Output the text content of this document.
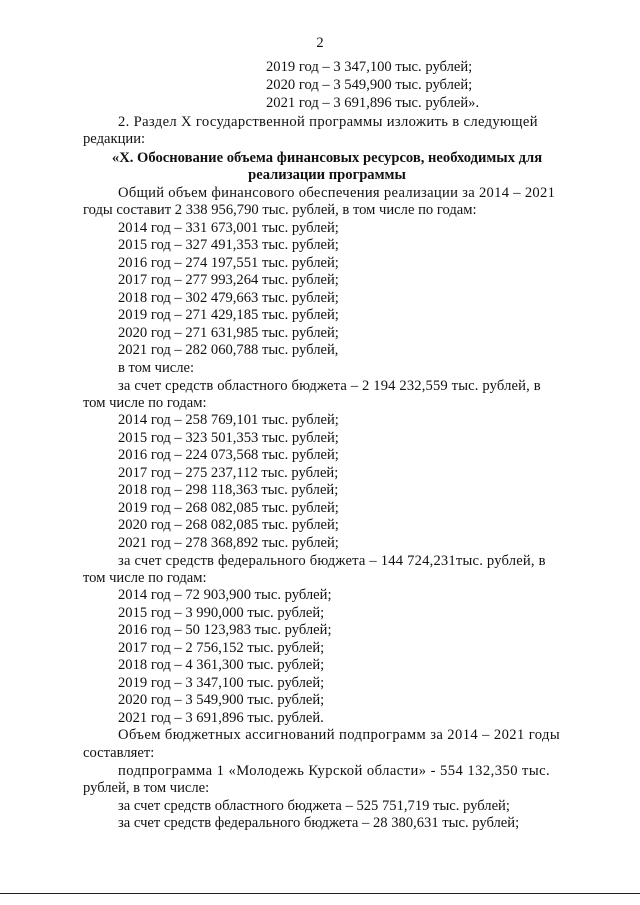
2
2019 год – 3 347,100 тыс. рублей;
2020 год – 3 549,900 тыс. рублей;
2021 год – 3 691,896 тыс. рублей».
2. Раздел X государственной программы изложить в следующей
редакции:
«X. Обоснование объема финансовых ресурсов, необходимых для
реализации программы
Общий объем финансового обеспечения реализации за 2014 – 2021
годы составит 2 338 956,790 тыс. рублей, в том числе по годам:
2014 год – 331 673,001 тыс. рублей;
2015 год – 327 491,353 тыс. рублей;
2016 год – 274 197,551 тыс. рублей;
2017 год – 277 993,264 тыс. рублей;
2018 год – 302 479,663 тыс. рублей;
2019 год – 271 429,185 тыс. рублей;
2020 год – 271 631,985 тыс. рублей;
2021 год – 282 060,788 тыс. рублей,
в том числе:
за счет средств областного бюджета – 2 194 232,559 тыс. рублей, в
том числе по годам:
2014 год – 258 769,101 тыс. рублей;
2015 год – 323 501,353 тыс. рублей;
2016 год – 224 073,568 тыс. рублей;
2017 год – 275 237,112 тыс. рублей;
2018 год – 298 118,363 тыс. рублей;
2019 год – 268 082,085 тыс. рублей;
2020 год – 268 082,085 тыс. рублей;
2021 год – 278 368,892 тыс. рублей;
за счет средств федерального бюджета – 144 724,231тыс. рублей, в
том числе по годам:
2014 год – 72 903,900 тыс. рублей;
2015 год – 3 990,000 тыс. рублей;
2016 год – 50 123,983 тыс. рублей;
2017 год – 2 756,152 тыс. рублей;
2018 год – 4 361,300 тыс. рублей;
2019 год – 3 347,100 тыс. рублей;
2020 год – 3 549,900 тыс. рублей;
2021 год – 3 691,896 тыс. рублей.
Объем бюджетных ассигнований подпрограмм за 2014 – 2021 годы
составляет:
подпрограмма 1 «Молодежь Курской области» - 554 132,350 тыс.
рублей, в том числе:
за счет средств областного бюджета – 525 751,719 тыс. рублей;
за счет средств федерального бюджета – 28 380,631 тыс. рублей;
